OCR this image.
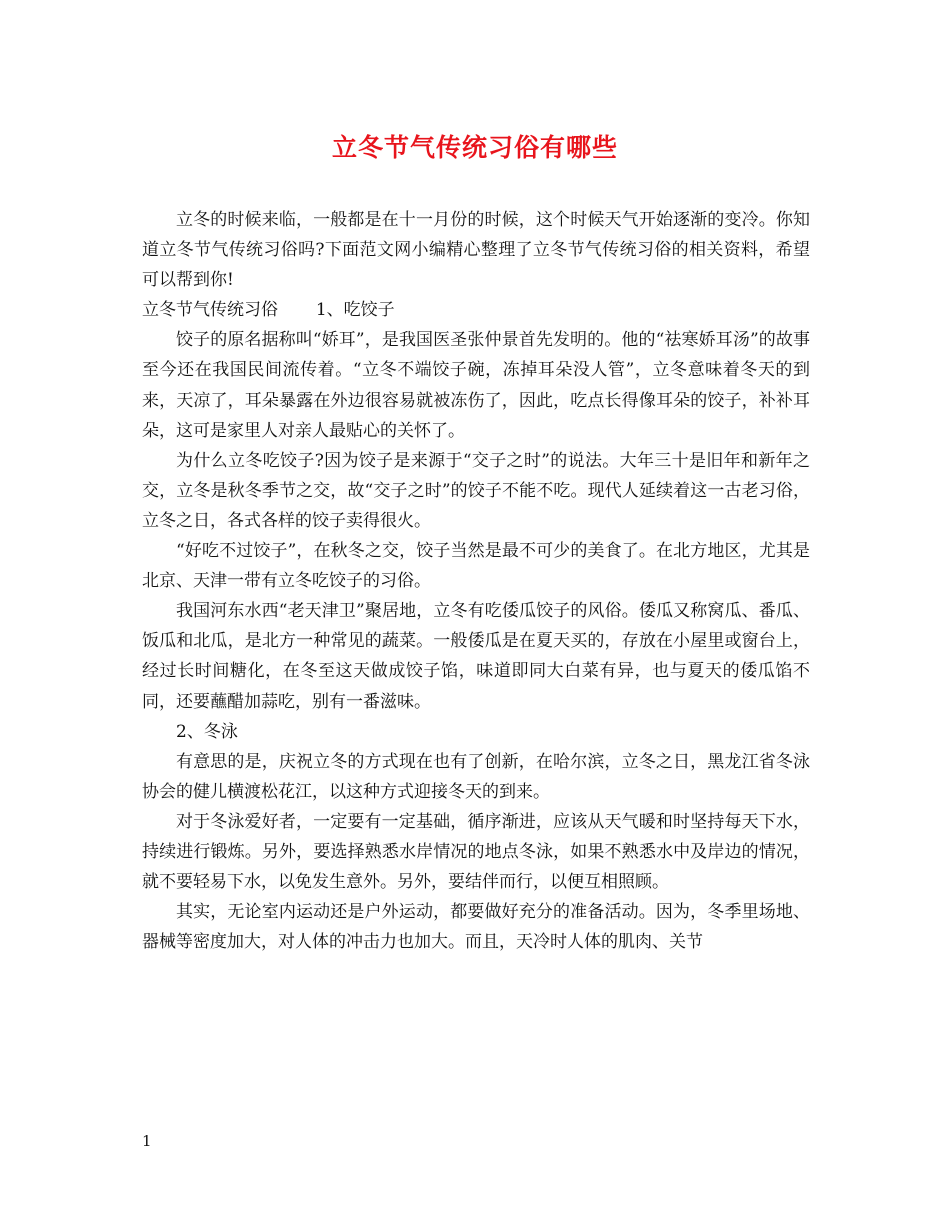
立冬节气传统习俗有哪些

立冬的时候来临，一般都是在十一月份的时候，这个时候天气开始逐渐的变冷。你知道立冬节气传统习俗吗?下面范文网小编精心整理了立冬节气传统习俗的相关资料，希望可以帮到你!

立冬节气传统习俗 1、吃饺子

饺子的原名据称叫“娇耳”，是我国医圣张仲景首先发明的。他的“祛寒娇耳汤”的故事至今还在我国民间流传着。“立冬不端饺子碗，冻掉耳朵没人管”，立冬意味着冬天的到来，天凉了，耳朵暴露在外边很容易就被冻伤了，因此，吃点长得像耳朵的饺子，补补耳朵，这可是家里人对亲人最贴心的关怀了。

为什么立冬吃饺子?因为饺子是来源于“交子之时”的说法。大年三十是旧年和新年之交，立冬是秋冬季节之交，故“交子之时”的饺子不能不吃。现代人延续着这一古老习俗，立冬之日，各式各样的饺子卖得很火。

“好吃不过饺子”，在秋冬之交，饺子当然是最不可少的美食了。在北方地区，尤其是北京、天津一带有立冬吃饺子的习俗。

我国河东水西“老天津卫”聚居地，立冬有吃倭瓜饺子的风俗。倭瓜又称窝瓜、番瓜、饭瓜和北瓜，是北方一种常见的蔬菜。一般倭瓜是在夏天买的，存放在小屋里或窗台上，经过长时间糖化，在冬至这天做成饺子馅，味道即同大白菜有异，也与夏天的倭瓜馅不同，还要蘸醋加蒜吃，别有一番滋味。

2、冬泳

有意思的是，庆祝立冬的方式现在也有了创新，在哈尔滨，立冬之日，黑龙江省冬泳协会的健儿横渡松花江，以这种方式迎接冬天的到来。

对于冬泳爱好者，一定要有一定基础，循序渐进，应该从天气暖和时坚持每天下水，持续进行锻炼。另外，要选择熟悉水岸情况的地点冬泳，如果不熟悉水中及岸边的情况，就不要轻易下水，以免发生意外。另外，要结伴而行，以便互相照顾。

其实，无论室内运动还是户外运动，都要做好充分的准备活动。因为，冬季里场地、器械等密度加大，对人体的冲击力也加大。而且，天冷时人体的肌肉、关节

1
